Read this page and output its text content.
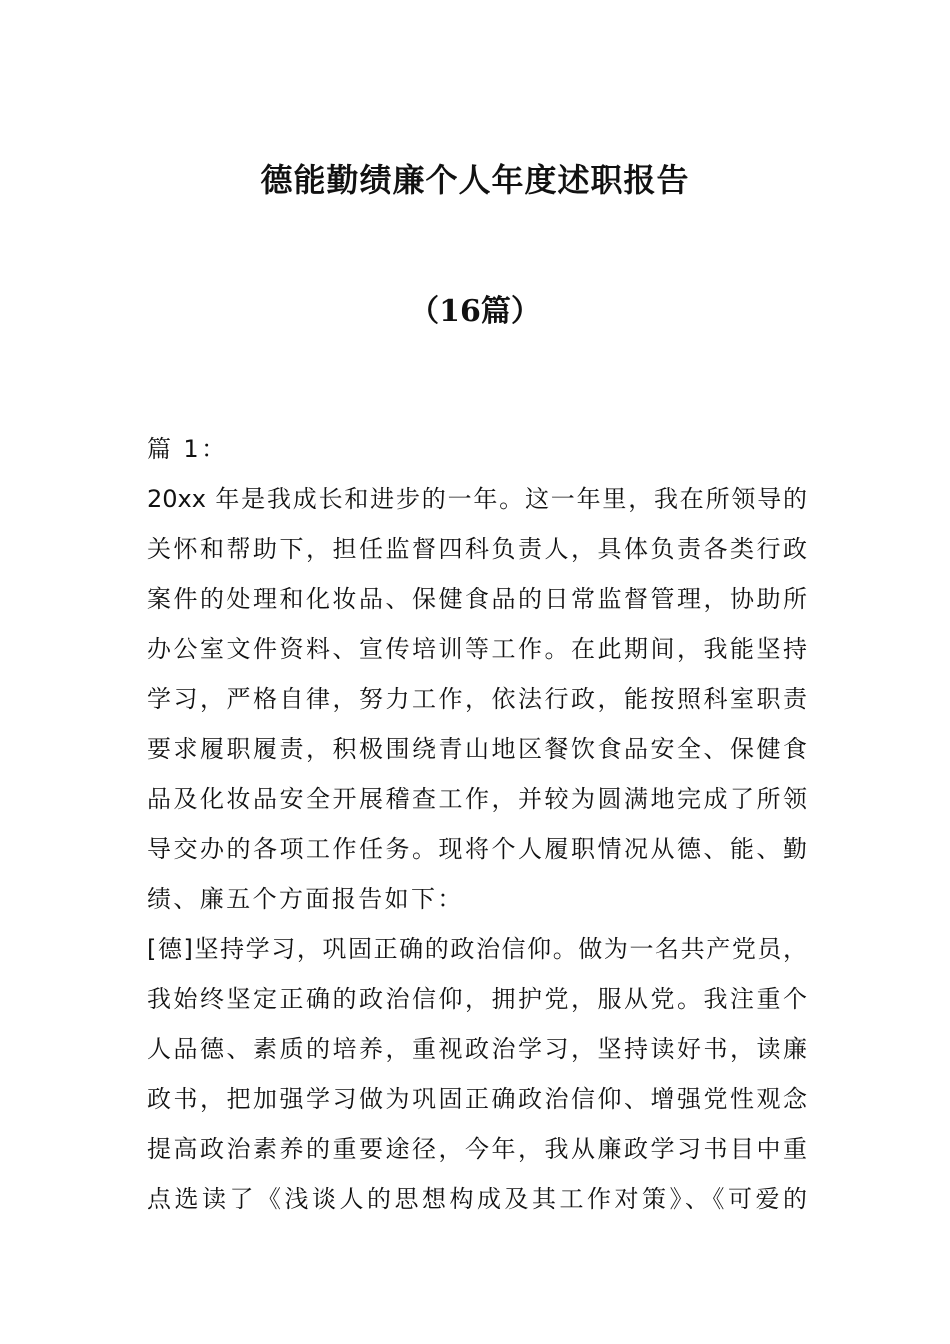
德能勤绩廉个人年度述职报告
（16篇）
篇 1：
20xx 年是我成长和进步的一年。这一年里，我在所领导的
关怀和帮助下，担任监督四科负责人，具体负责各类行政
案件的处理和化妆品、保健食品的日常监督管理，协助所
办公室文件资料、宣传培训等工作。在此期间，我能坚持
学习，严格自律，努力工作，依法行政，能按照科室职责
要求履职履责，积极围绕青山地区餐饮食品安全、保健食
品及化妆品安全开展稽查工作，并较为圆满地完成了所领
导交办的各项工作任务。现将个人履职情况从德、能、勤
绩、廉五个方面报告如下：
[德]坚持学习，巩固正确的政治信仰。做为一名共产党员，
我始终坚定正确的政治信仰，拥护党，服从党。我注重个
人品德、素质的培养，重视政治学习，坚持读好书，读廉
政书，把加强学习做为巩固正确政治信仰、增强党性观念
提高政治素养的重要途径，今年，我从廉政学习书目中重
点选读了《浅谈人的思想构成及其工作对策》、《可爱的
